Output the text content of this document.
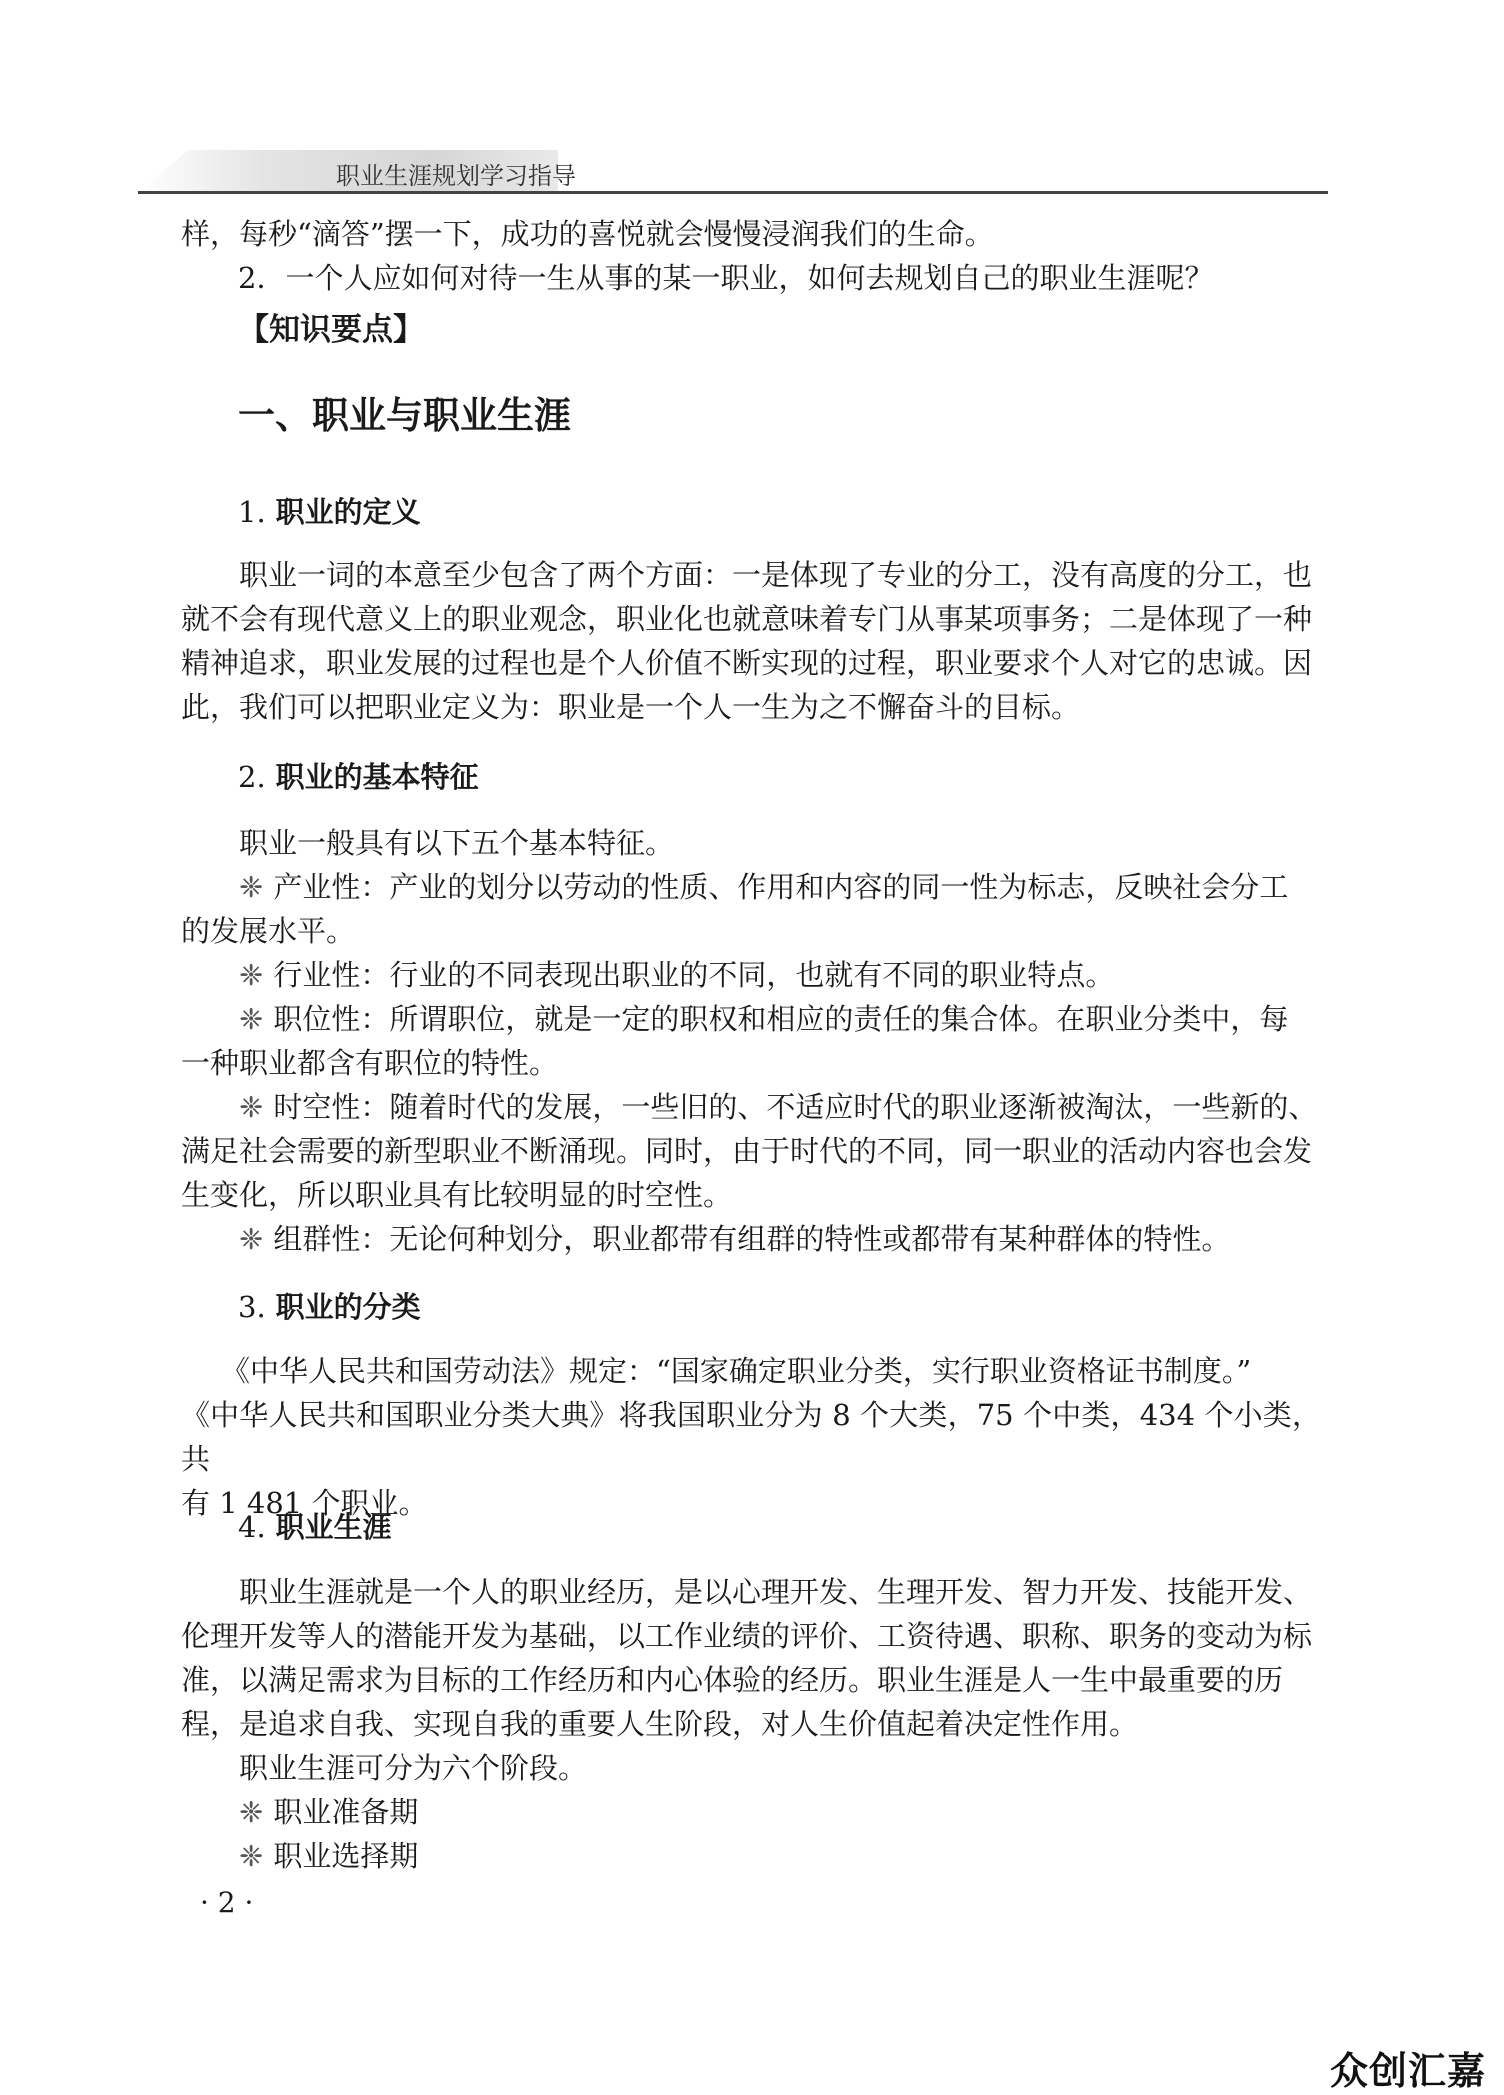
职业生涯规划学习指导

样，每秒“滴答”摆一下，成功的喜悦就会慢慢浸润我们的生命。

2．一个人应如何对待一生从事的某一职业，如何去规划自己的职业生涯呢？

【知识要点】
一、职业与职业生涯
1. 职业的定义

职业一词的本意至少包含了两个方面：一是体现了专业的分工，没有高度的分工，也
就不会有现代意义上的职业观念，职业化也就意味着专门从事某项事务；二是体现了一种
精神追求，职业发展的过程也是个人价值不断实现的过程，职业要求个人对它的忠诚。因
此，我们可以把职业定义为：职业是一个人一生为之不懈奋斗的目标。

2. 职业的基本特征

职业一般具有以下五个基本特征。

❈ 产业性：产业的划分以劳动的性质、作用和内容的同一性为标志，反映社会分工
的发展水平。

❈ 行业性：行业的不同表现出职业的不同，也就有不同的职业特点。

❈ 职位性：所谓职位，就是一定的职权和相应的责任的集合体。在职业分类中，每
一种职业都含有职位的特性。

❈ 时空性：随着时代的发展，一些旧的、不适应时代的职业逐渐被淘汰，一些新的、
满足社会需要的新型职业不断涌现。同时，由于时代的不同，同一职业的活动内容也会发
生变化，所以职业具有比较明显的时空性。

❈ 组群性：无论何种划分，职业都带有组群的特性或都带有某种群体的特性。

3. 职业的分类

《中华人民共和国劳动法》规定：“国家确定职业分类，实行职业资格证书制度。”
《中华人民共和国职业分类大典》将我国职业分为 8 个大类，75 个中类，434 个小类，共
有 1 481 个职业。

4. 职业生涯

职业生涯就是一个人的职业经历，是以心理开发、生理开发、智力开发、技能开发、
伦理开发等人的潜能开发为基础，以工作业绩的评价、工资待遇、职称、职务的变动为标
准，以满足需求为目标的工作经历和内心体验的经历。职业生涯是人一生中最重要的历
程，是追求自我、实现自我的重要人生阶段，对人生价值起着决定性作用。

职业生涯可分为六个阶段。

❈ 职业准备期

❈ 职业选择期

· 2 ·
众创汇嘉
